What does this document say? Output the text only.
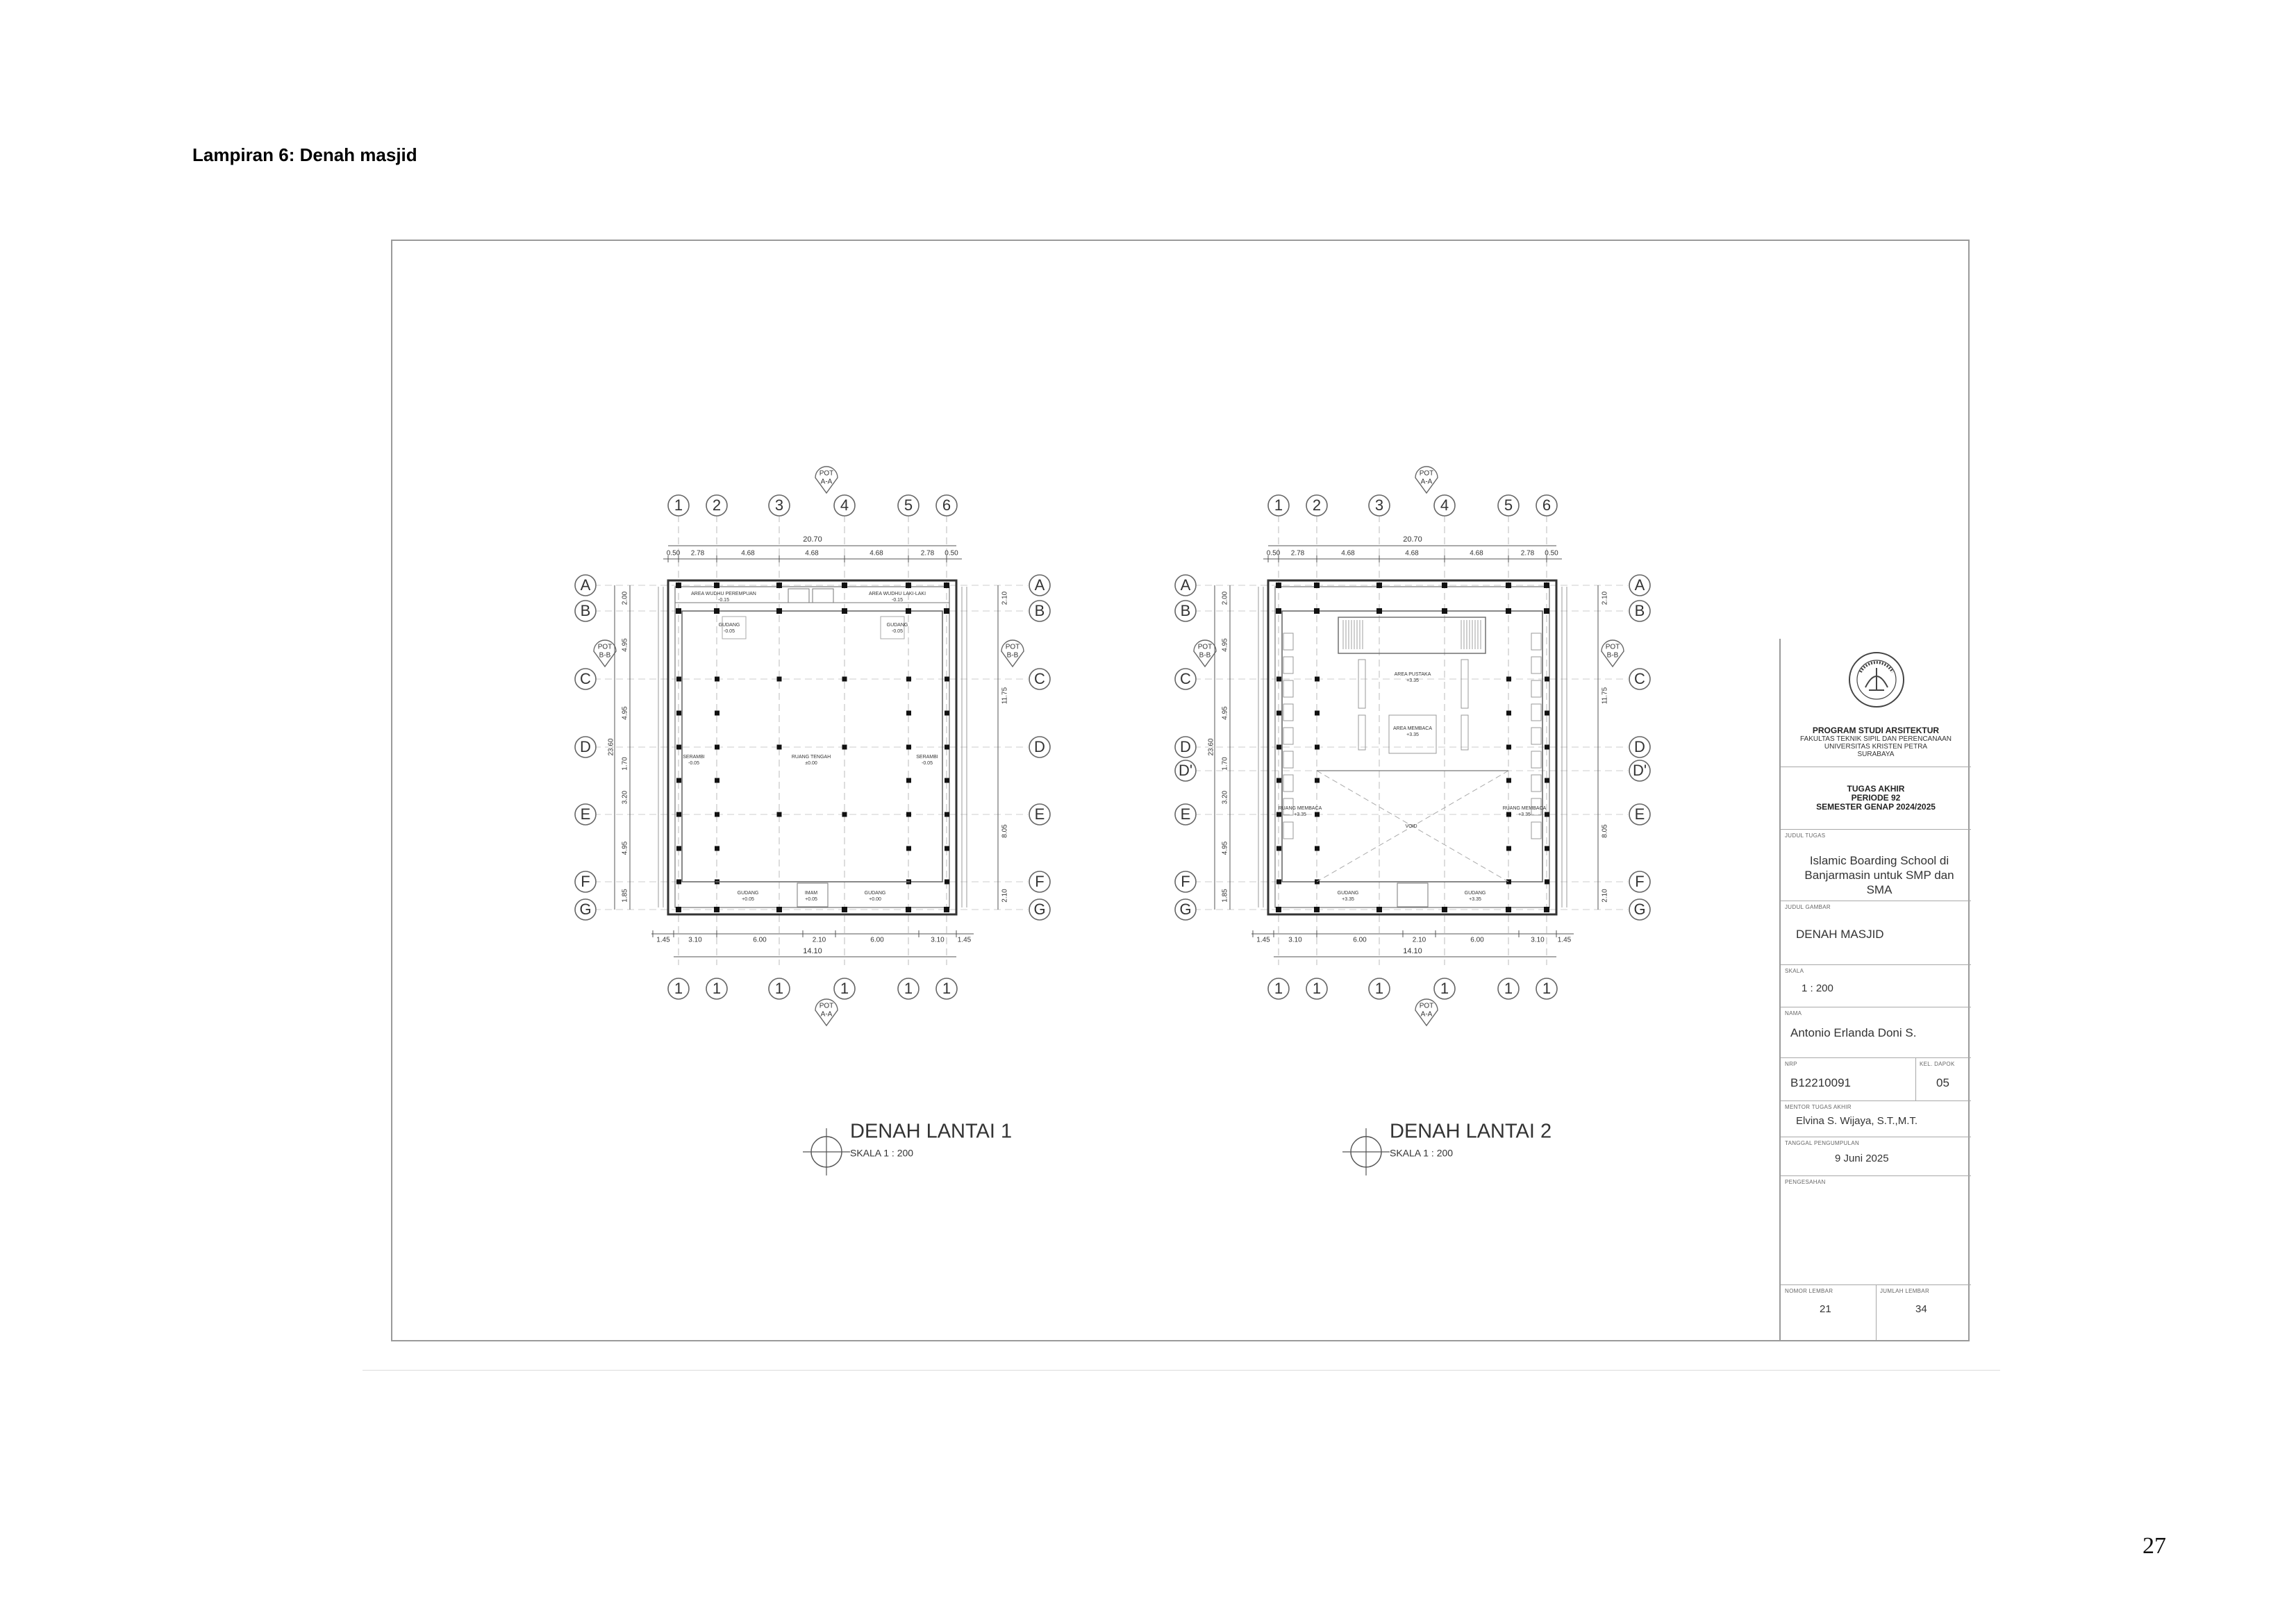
Lampiran 6: Denah masjid
1 2	3	4	5 6
1 1	1	1	1 1
A	A
B	B
C	C
D	D
E	E
F	F
G	G
POT
A-A
POT
A-A
POT
B-B
POT
B-B
20.70
0.50 2.78	4.68	4.68	4.68	2.78 0.50
1.45	3.10	6.00	2.10	6.00	3.10 1.45
14.10
23.60
2.00
4.95
4.95
1.70
3.20
4.95
1.85
2.10
11.75
8.05
2.10
AREA WUDHU PEREMPUAN
-0.15
AREA WUDHU LAKI-LAKI
-0.15
GUDANG
-0.05
GUDANG
-0.05
SERAMBI
-0.05
SERAMBI
-0.05
RUANG TENGAH
±0.00
GUDANG
+0.05
IMAM
+0.05
GUDANG
+0.00
DENAH LANTAI 1
SKALA 1 : 200
1 2	3	4	5 6
1 1	1	1	1 1
A	A
B	B
C	C
D	D
D'	D'
E	E
F	F
G	G
POT
A-A
POT
A-A
POT
B-B
POT
B-B
20.70
0.50 2.78	4.68	4.68	4.68	2.78 0.50
1.45	3.10	6.00	2.10	6.00	3.10 1.45
14.10
23.60
2.00
4.95
4.95
1.70
3.20
4.95
1.85
2.10
11.75
8.05
2.10
AREA PUSTAKA
+3.35
AREA MEMBACA
+3.35
RUANG MEMBACA
+3.35
RUANG MEMBACA
+3.35
VOID
GUDANG
+3.35
GUDANG
+3.35
DENAH LANTAI 2
SKALA 1 : 200
PROGRAM STUDI ARSITEKTUR
FAKULTAS TEKNIK SIPIL DAN PERENCANAAN
UNIVERSITAS KRISTEN PETRA
SURABAYA
TUGAS AKHIR
PERIODE 92
SEMESTER GENAP 2024/2025
JUDUL TUGAS
Islamic Boarding School di Banjarmasin untuk SMP dan SMA
JUDUL GAMBAR
DENAH MASJID
SKALA
1 : 200
NAMA
Antonio Erlanda Doni S.
NRP
B12210091
KEL. DAPOK
05
MENTOR TUGAS AKHIR
Elvina S. Wijaya, S.T.,M.T.
TANGGAL PENGUMPULAN
9 Juni 2025
PENGESAHAN
NOMOR LEMBAR
21
JUMLAH LEMBAR
34
27
